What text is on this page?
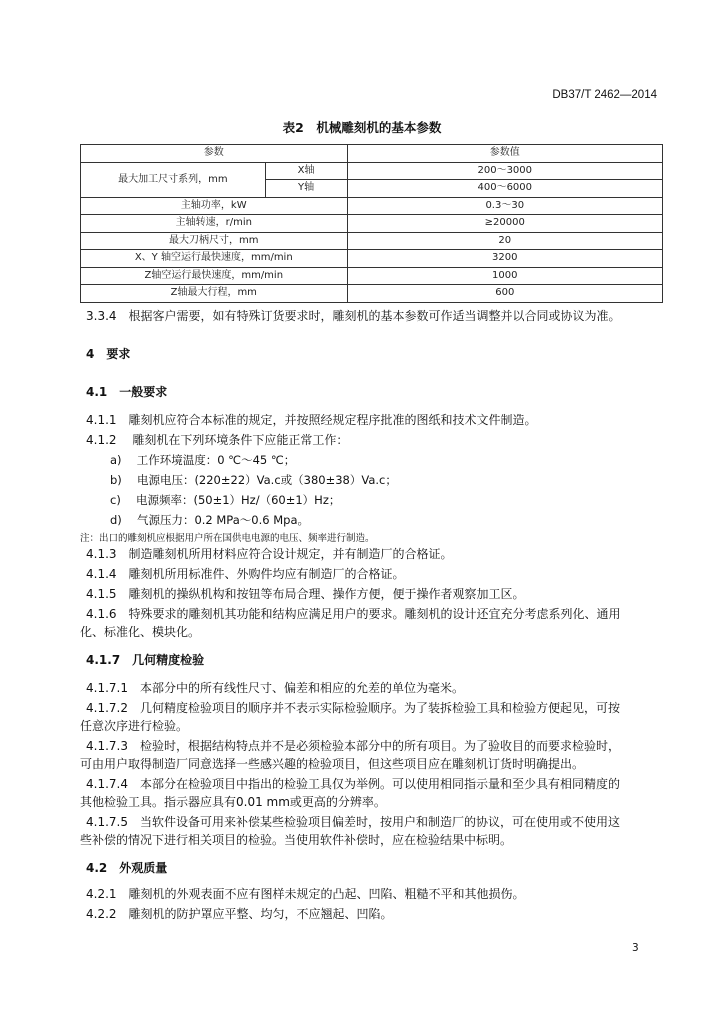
DB37/T 2462—2014
表2　机械雕刻机的基本参数
参数		参数值
最大加工尺寸系列，mm	X轴	200～3000
	Y轴	400～6000
主轴功率，kW		0.3～30
主轴转速，r/min		≥20000
最大刀柄尺寸，mm		20
X、Y 轴空运行最快速度，mm/min		3200
Z轴空运行最快速度，mm/min		1000
Z轴最大行程，mm		600
3.3.4　根据客户需要，如有特殊订货要求时，雕刻机的基本参数可作适当调整并以合同或协议为准。
4　要求
4.1　一般要求
4.1.1　雕刻机应符合本标准的规定，并按照经规定程序批准的图纸和技术文件制造。
4.1.2　 雕刻机在下列环境条件下应能正常工作：
a)　 工作环境温度：0 ℃～45 ℃；
b)　 电源电压：(220±22）Va.c或（380±38）Va.c；
c)　 电源频率：(50±1）Hz/（60±1）Hz；
d)　 气源压力：0.2 MPa～0.6 Mpa。
注：出口的雕刻机应根据用户所在国供电电源的电压、频率进行制造。
4.1.3　制造雕刻机所用材料应符合设计规定，并有制造厂的合格证。
4.1.4　雕刻机所用标准件、外购件均应有制造厂的合格证。
4.1.5　雕刻机的操纵机构和按钮等布局合理、操作方便，便于操作者观察加工区。
4.1.6　特殊要求的雕刻机其功能和结构应满足用户的要求。雕刻机的设计还宜充分考虑系列化、通用
化、标准化、模块化。
4.1.7　几何精度检验
4.1.7.1　本部分中的所有线性尺寸、偏差和相应的允差的单位为毫米。
4.1.7.2　几何精度检验项目的顺序并不表示实际检验顺序。为了装拆检验工具和检验方便起见，可按
任意次序进行检验。
4.1.7.3　检验时，根据结构特点并不是必须检验本部分中的所有项目。为了验收目的而要求检验时，
可由用户取得制造厂同意选择一些感兴趣的检验项目，但这些项目应在雕刻机订货时明确提出。
4.1.7.4　本部分在检验项目中指出的检验工具仅为举例。可以使用相同指示量和至少具有相同精度的
其他检验工具。指示器应具有0.01 mm或更高的分辨率。
4.1.7.5　当软件设备可用来补偿某些检验项目偏差时，按用户和制造厂的协议，可在使用或不使用这
些补偿的情况下进行相关项目的检验。当使用软件补偿时，应在检验结果中标明。
4.2　外观质量
4.2.1　雕刻机的外观表面不应有图样未规定的凸起、凹陷、粗糙不平和其他损伤。
4.2.2　雕刻机的防护罩应平整、均匀，不应翘起、凹陷。
3
